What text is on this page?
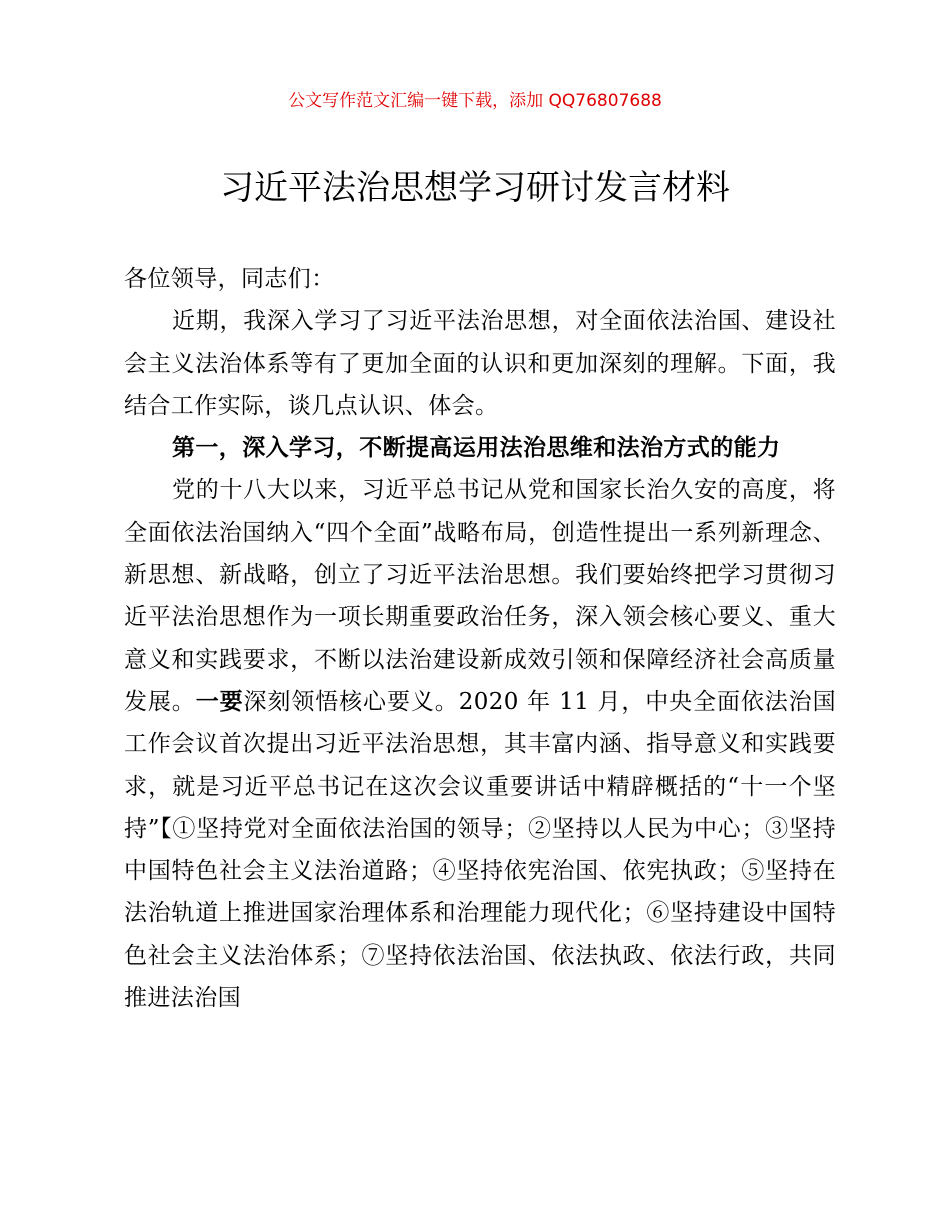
公文写作范文汇编一键下载，添加 QQ76807688
习近平法治思想学习研讨发言材料

各位领导，同志们：

近期，我深入学习了习近平法治思想，对全面依法治国、建设社会主义法治体系等有了更加全面的认识和更加深刻的理解。下面，我结合工作实际，谈几点认识、体会。

第一，深入学习，不断提高运用法治思维和法治方式的能力

党的十八大以来，习近平总书记从党和国家长治久安的高度，将全面依法治国纳入“四个全面”战略布局，创造性提出一系列新理念、新思想、新战略，创立了习近平法治思想。我们要始终把学习贯彻习近平法治思想作为一项长期重要政治任务，深入领会核心要义、重大意义和实践要求，不断以法治建设新成效引领和保障经济社会高质量发展。一要深刻领悟核心要义。2020 年 11 月，中央全面依法治国工作会议首次提出习近平法治思想，其丰富内涵、指导意义和实践要求，就是习近平总书记在这次会议重要讲话中精辟概括的“十一个坚持”【①坚持党对全面依法治国的领导；②坚持以人民为中心；③坚持中国特色社会主义法治道路；④坚持依宪治国、依宪执政；⑤坚持在法治轨道上推进国家治理体系和治理能力现代化；⑥坚持建设中国特色社会主义法治体系；⑦坚持依法治国、依法执政、依法行政，共同推进法治国
